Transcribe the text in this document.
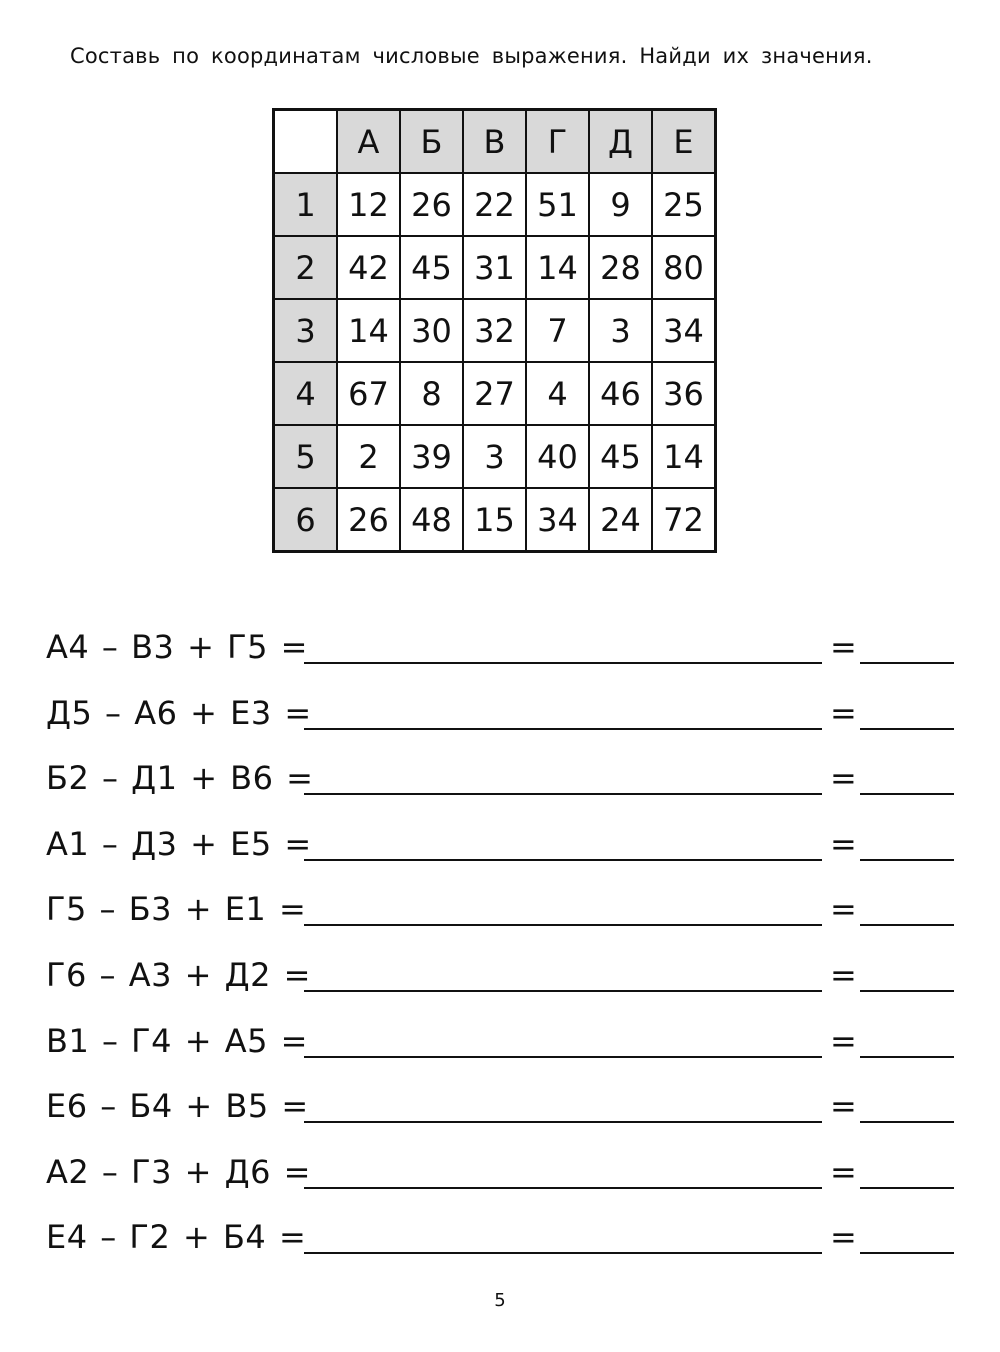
Составь по координатам числовые выражения. Найди их значения.
	А	Б	В	Г	Д	Е
1	12	26	22	51	9	25
2	42	45	31	14	28	80
3	14	30	32	7	3	34
4	67	8	27	4	46	36
5	2	39	3	40	45	14
6	26	48	15	34	24	72
А4 – В3 + Г5 =	=
Д5 – А6 + Е3 =	=
Б2 – Д1 + В6 =	=
А1 – Д3 + Е5 =	=
Г5 – Б3 + Е1 =	=
Г6 – А3 + Д2 =	=
В1 – Г4 + А5 =	=
Е6 – Б4 + В5 =	=
А2 – Г3 + Д6 =	=
Е4 – Г2 + Б4 =	=
5
